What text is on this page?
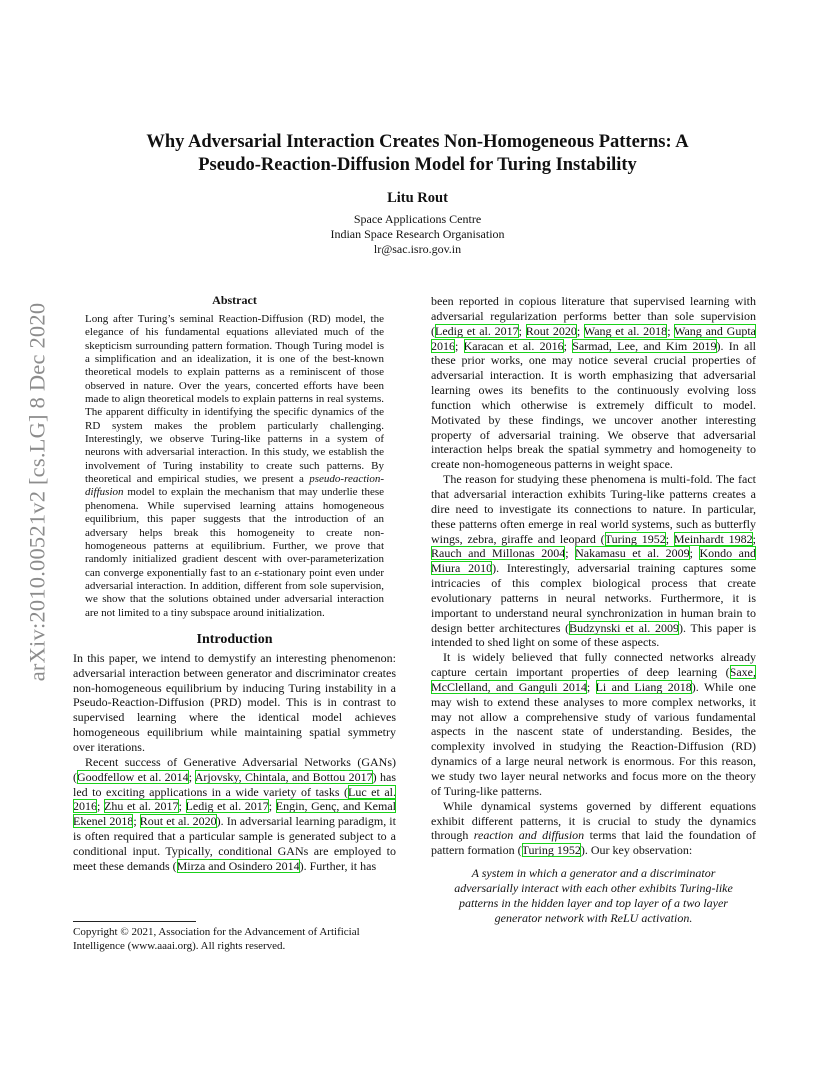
arXiv:2010.00521v2 [cs.LG] 8 Dec 2020
Why Adversarial Interaction Creates Non-Homogeneous Patterns: A
Pseudo-Reaction-Diffusion Model for Turing Instability
Litu Rout
Space Applications Centre
Indian Space Research Organisation
lr@sac.isro.gov.in
Abstract
Long after Turing’s seminal Reaction-Diffusion (RD) model, the elegance of his fundamental equations alleviated much of the skepticism surrounding pattern formation. Though Turing model is a simplification and an idealization, it is one of the best-known theoretical models to explain patterns as a reminiscent of those observed in nature. Over the years, concerted efforts have been made to align theoretical models to explain patterns in real systems. The apparent difficulty in identifying the specific dynamics of the RD system makes the problem particularly challenging. Interestingly, we observe Turing-like patterns in a system of neurons with adversarial interaction. In this study, we establish the involvement of Turing instability to create such patterns. By theoretical and empirical studies, we present a pseudo-reaction-diffusion model to explain the mechanism that may underlie these phenomena. While supervised learning attains homogeneous equilibrium, this paper suggests that the introduction of an adversary helps break this homogeneity to create non-homogeneous patterns at equilibrium. Further, we prove that randomly initialized gradient descent with over-parameterization can converge exponentially fast to an ϵ-stationary point even under adversarial interaction. In addition, different from sole supervision, we show that the solutions obtained under adversarial interaction are not limited to a tiny subspace around initialization.
Introduction

In this paper, we intend to demystify an interesting phenomenon: adversarial interaction between generator and discriminator creates non-homogeneous equilibrium by inducing Turing instability in a Pseudo-Reaction-Diffusion (PRD) model. This is in contrast to supervised learning where the identical model achieves homogeneous equilibrium while maintaining spatial symmetry over iterations.

Recent success of Generative Adversarial Networks (GANs) (Goodfellow et al. 2014; Arjovsky, Chintala, and Bottou 2017) has led to exciting applications in a wide variety of tasks (Luc et al. 2016; Zhu et al. 2017; Ledig et al. 2017; Engin, Genç, and Kemal Ekenel 2018; Rout et al. 2020). In adversarial learning paradigm, it is often required that a particular sample is generated subject to a conditional input. Typically, conditional GANs are employed to meet these demands (Mirza and Osindero 2014). Further, it has

been reported in copious literature that supervised learning with adversarial regularization performs better than sole supervision (Ledig et al. 2017; Rout 2020; Wang et al. 2018; Wang and Gupta 2016; Karacan et al. 2016; Sarmad, Lee, and Kim 2019). In all these prior works, one may notice several crucial properties of adversarial interaction. It is worth emphasizing that adversarial learning owes its benefits to the continuously evolving loss function which otherwise is extremely difficult to model. Motivated by these findings, we uncover another interesting property of adversarial training. We observe that adversarial interaction helps break the spatial symmetry and homogeneity to create non-homogeneous patterns in weight space.

The reason for studying these phenomena is multi-fold. The fact that adversarial interaction exhibits Turing-like patterns creates a dire need to investigate its connections to nature. In particular, these patterns often emerge in real world systems, such as butterfly wings, zebra, giraffe and leopard (Turing 1952; Meinhardt 1982; Rauch and Millonas 2004; Nakamasu et al. 2009; Kondo and Miura 2010). Interestingly, adversarial training captures some intricacies of this complex biological process that create evolutionary patterns in neural networks. Furthermore, it is important to understand neural synchronization in human brain to design better architectures (Budzynski et al. 2009). This paper is intended to shed light on some of these aspects.

It is widely believed that fully connected networks already capture certain important properties of deep learning (Saxe, McClelland, and Ganguli 2014; Li and Liang 2018). While one may wish to extend these analyses to more complex networks, it may not allow a comprehensive study of various fundamental aspects in the nascent state of understanding. Besides, the complexity involved in studying the Reaction-Diffusion (RD) dynamics of a large neural network is enormous. For this reason, we study two layer neural networks and focus more on the theory of Turing-like patterns.

While dynamical systems governed by different equations exhibit different patterns, it is crucial to study the dynamics through reaction and diffusion terms that laid the foundation of pattern formation (Turing 1952). Our key observation:

A system in which a generator and a discriminator adversarially interact with each other exhibits Turing-like patterns in the hidden layer and top layer of a two layer generator network with ReLU activation.
Copyright © 2021, Association for the Advancement of Artificial Intelligence (www.aaai.org). All rights reserved.
